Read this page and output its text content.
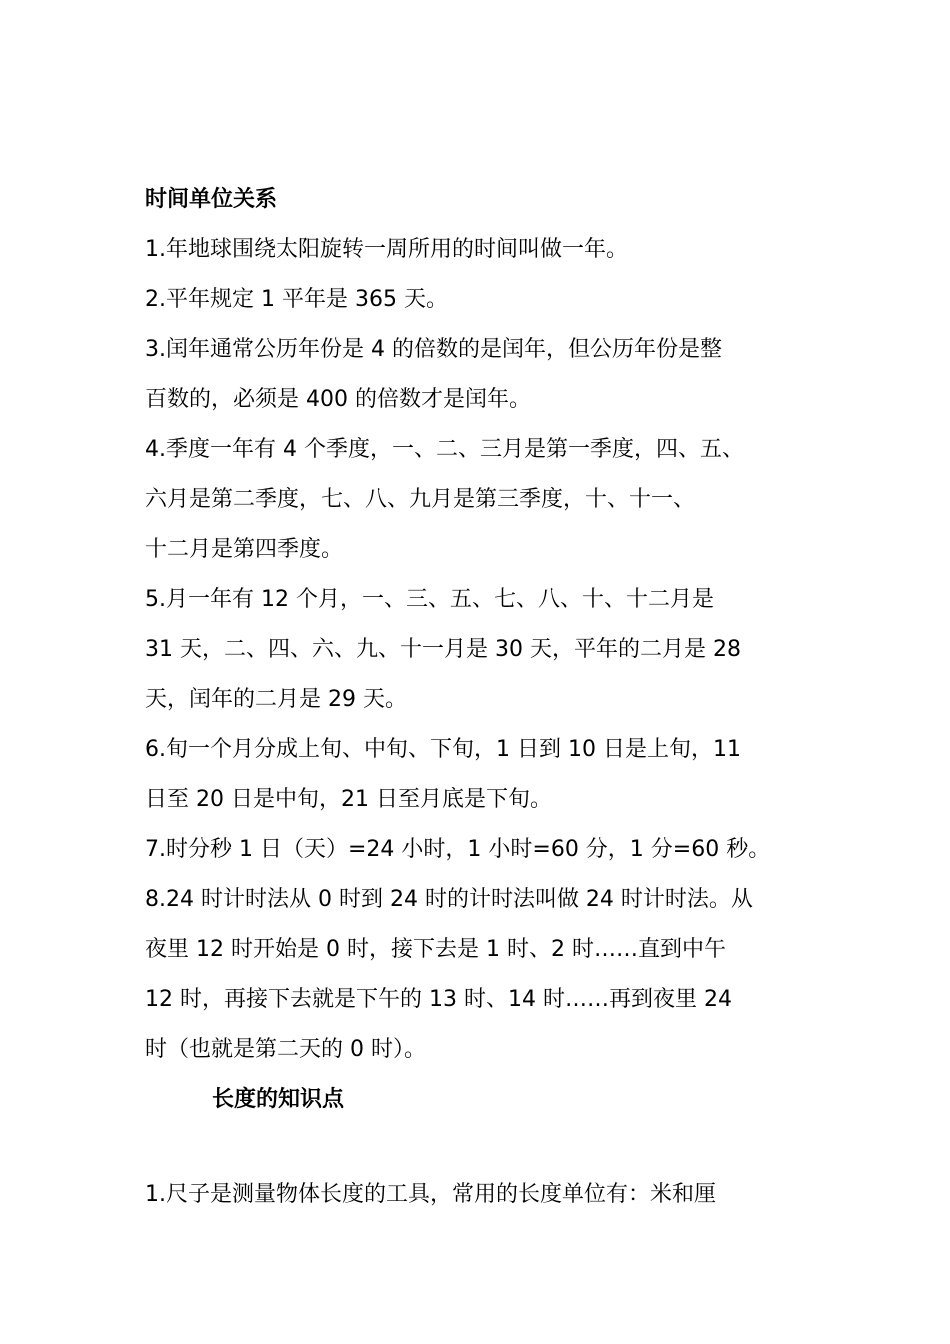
时间单位关系
1.年地球围绕太阳旋转一周所用的时间叫做一年。
2.平年规定 1 平年是 365 天。
3.闰年通常公历年份是 4 的倍数的是闰年，但公历年份是整
百数的，必须是 400 的倍数才是闰年。
4.季度一年有 4 个季度，一、二、三月是第一季度，四、五、
六月是第二季度，七、八、九月是第三季度，十、十一、
十二月是第四季度。
5.月一年有 12 个月，一、三、五、七、八、十、十二月是
31 天，二、四、六、九、十一月是 30 天，平年的二月是 28
天，闰年的二月是 29 天。
6.旬一个月分成上旬、中旬、下旬，1 日到 10 日是上旬，11
日至 20 日是中旬，21 日至月底是下旬。
7.时分秒 1 日（天）=24 小时，1 小时=60 分，1 分=60 秒。
8.24 时计时法从 0 时到 24 时的计时法叫做 24 时计时法。从
夜里 12 时开始是 0 时，接下去是 1 时、2 时……直到中午
12 时，再接下去就是下午的 13 时、14 时……再到夜里 24
时（也就是第二天的 0 时）。
长度的知识点
1.尺子是测量物体长度的工具，常用的长度单位有：米和厘
